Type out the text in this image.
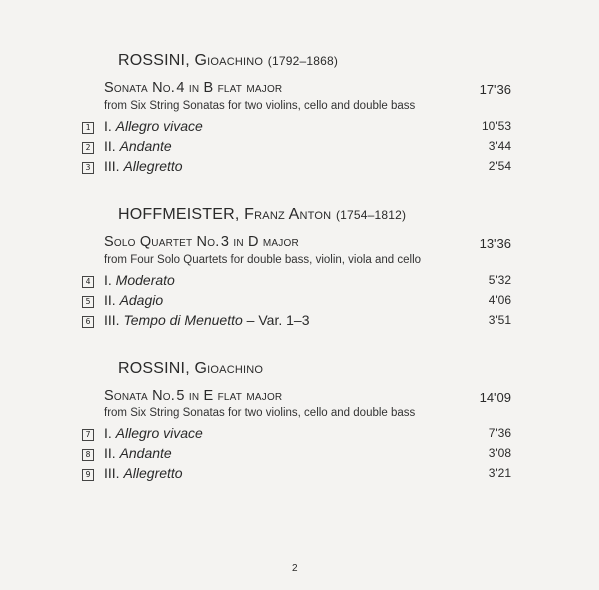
ROSSINI, Gioachino (1792–1868)
Sonata No. 4 in B flat major	17'36
from Six String Sonatas for two violins, cello and double bass
1 I. Allegro vivace	10'53
2 II. Andante	3'44
3 III. Allegretto	2'54
HOFFMEISTER, Franz Anton (1754–1812)
Solo Quartet No. 3 in D major	13'36
from Four Solo Quartets for double bass, violin, viola and cello
4 I. Moderato	5'32
5 II. Adagio	4'06
6 III. Tempo di Menuetto – Var. 1–3	3'51
ROSSINI, Gioachino
Sonata No. 5 in E flat major	14'09
from Six String Sonatas for two violins, cello and double bass
7 I. Allegro vivace	7'36
8 II. Andante	3'08
9 III. Allegretto	3'21
2
